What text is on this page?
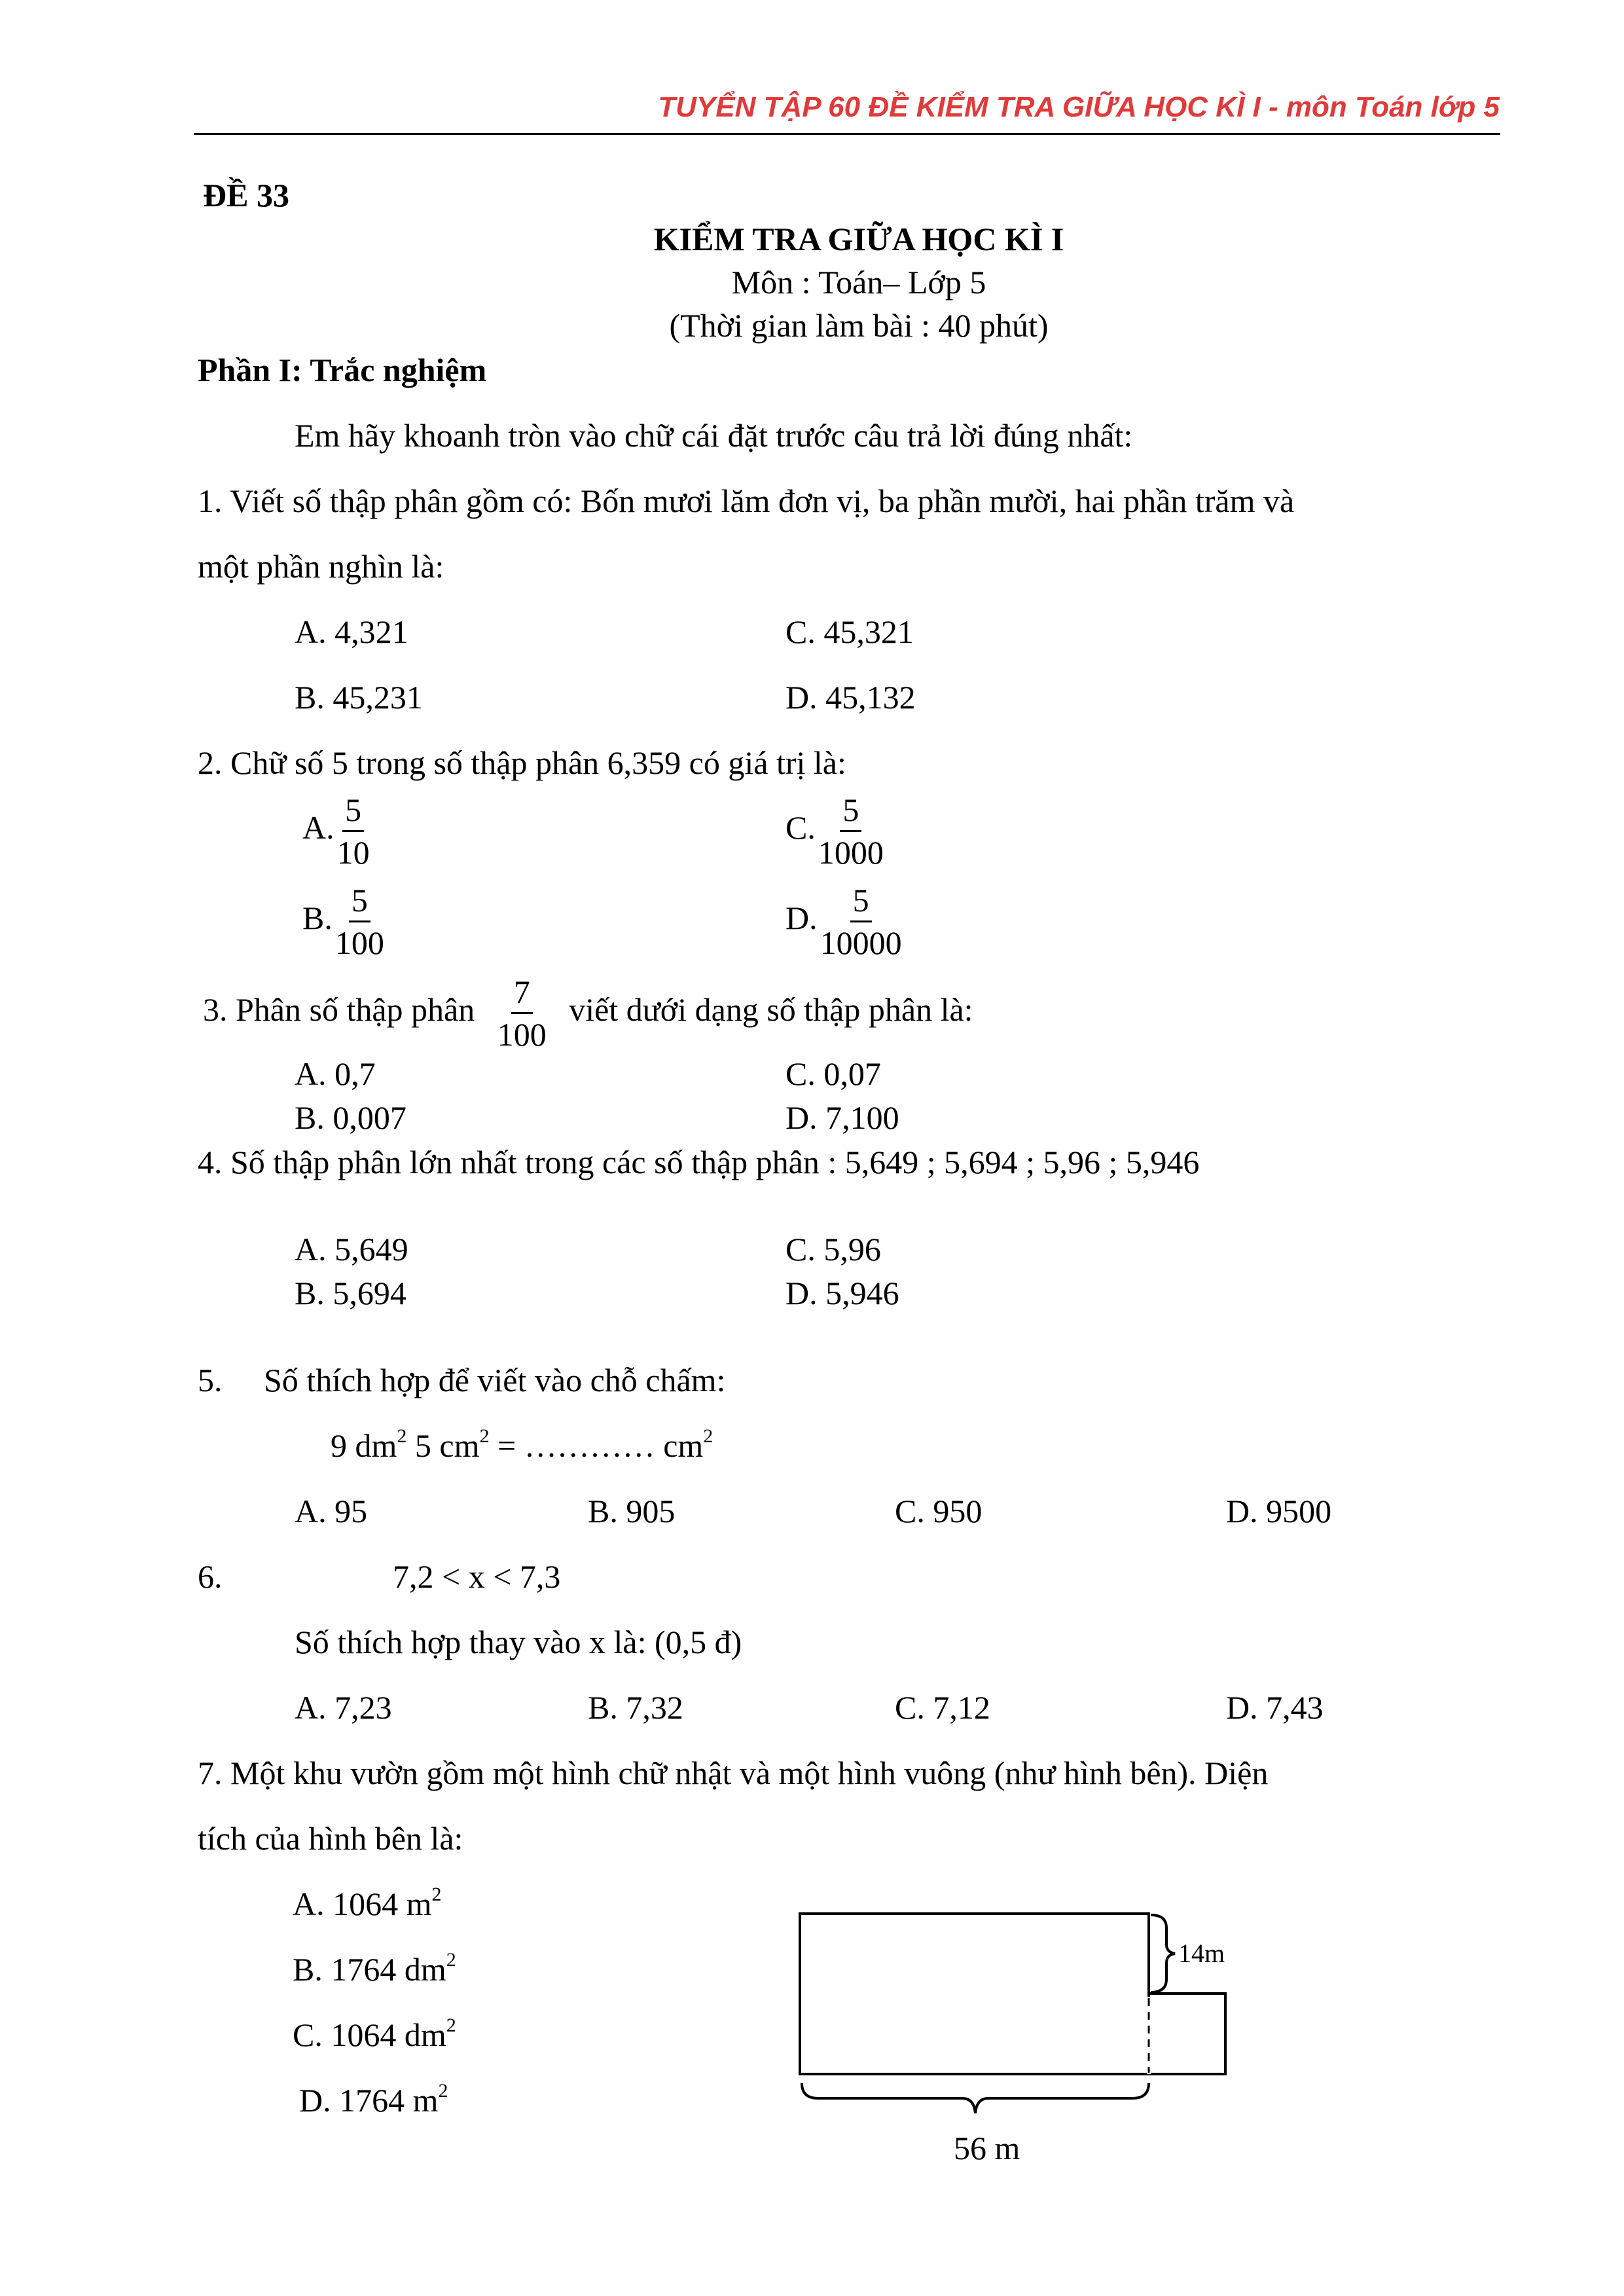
TUYỂN TẬP 60 ĐỀ KIỂM TRA GIỮA HỌC KÌ I - môn Toán lớp 5
ĐỀ 33
KIỂM TRA GIỮA HỌC KÌ I
Môn : Toán– Lớp 5
(Thời gian làm bài : 40 phút)
Phần I: Trắc nghiệm
Em hãy khoanh tròn vào chữ cái đặt trước câu trả lời đúng nhất:
1. Viết số thập phân gồm có: Bốn mươi lăm đơn vị, ba phần mười, hai phần trăm và
một phần nghìn là:
A. 4,321	C. 45,321
B. 45,231	D. 45,132
2. Chữ số 5 trong số thập phân 6,359 có giá trị là:
A. $\frac{5}{10}$	C. $\frac{5}{1000}$
B. $\frac{5}{100}$	D. $\frac{5}{10000}$
3. Phân số thập phân $\frac{7}{100}$ viết dưới dạng số thập phân là:
A. 0,7	C. 0,07
B. 0,007	D. 7,100
4. Số thập phân lớn nhất trong các số thập phân : 5,649 ; 5,694 ; 5,96 ; 5,946
A. 5,649	C. 5,96
B. 5,694	D. 5,946
5. Số thích hợp để viết vào chỗ chấm:
9 $dm^2$ 5 $cm^2$ = ………… $cm^2$
A. 95	B. 905	C. 950	D. 9500
6.	7,2 < x < 7,3
Số thích hợp thay vào x là: (0,5 đ)
A. 7,23	B. 7,32	C. 7,12	D. 7,43
7. Một khu vườn gồm một hình chữ nhật và một hình vuông (như hình bên). Diện
tích của hình bên là:
A. 1064 $m^2$
B. 1764 $dm^2$
C. 1064 $dm^2$
D. 1764 $m^2$
14m
56 m
